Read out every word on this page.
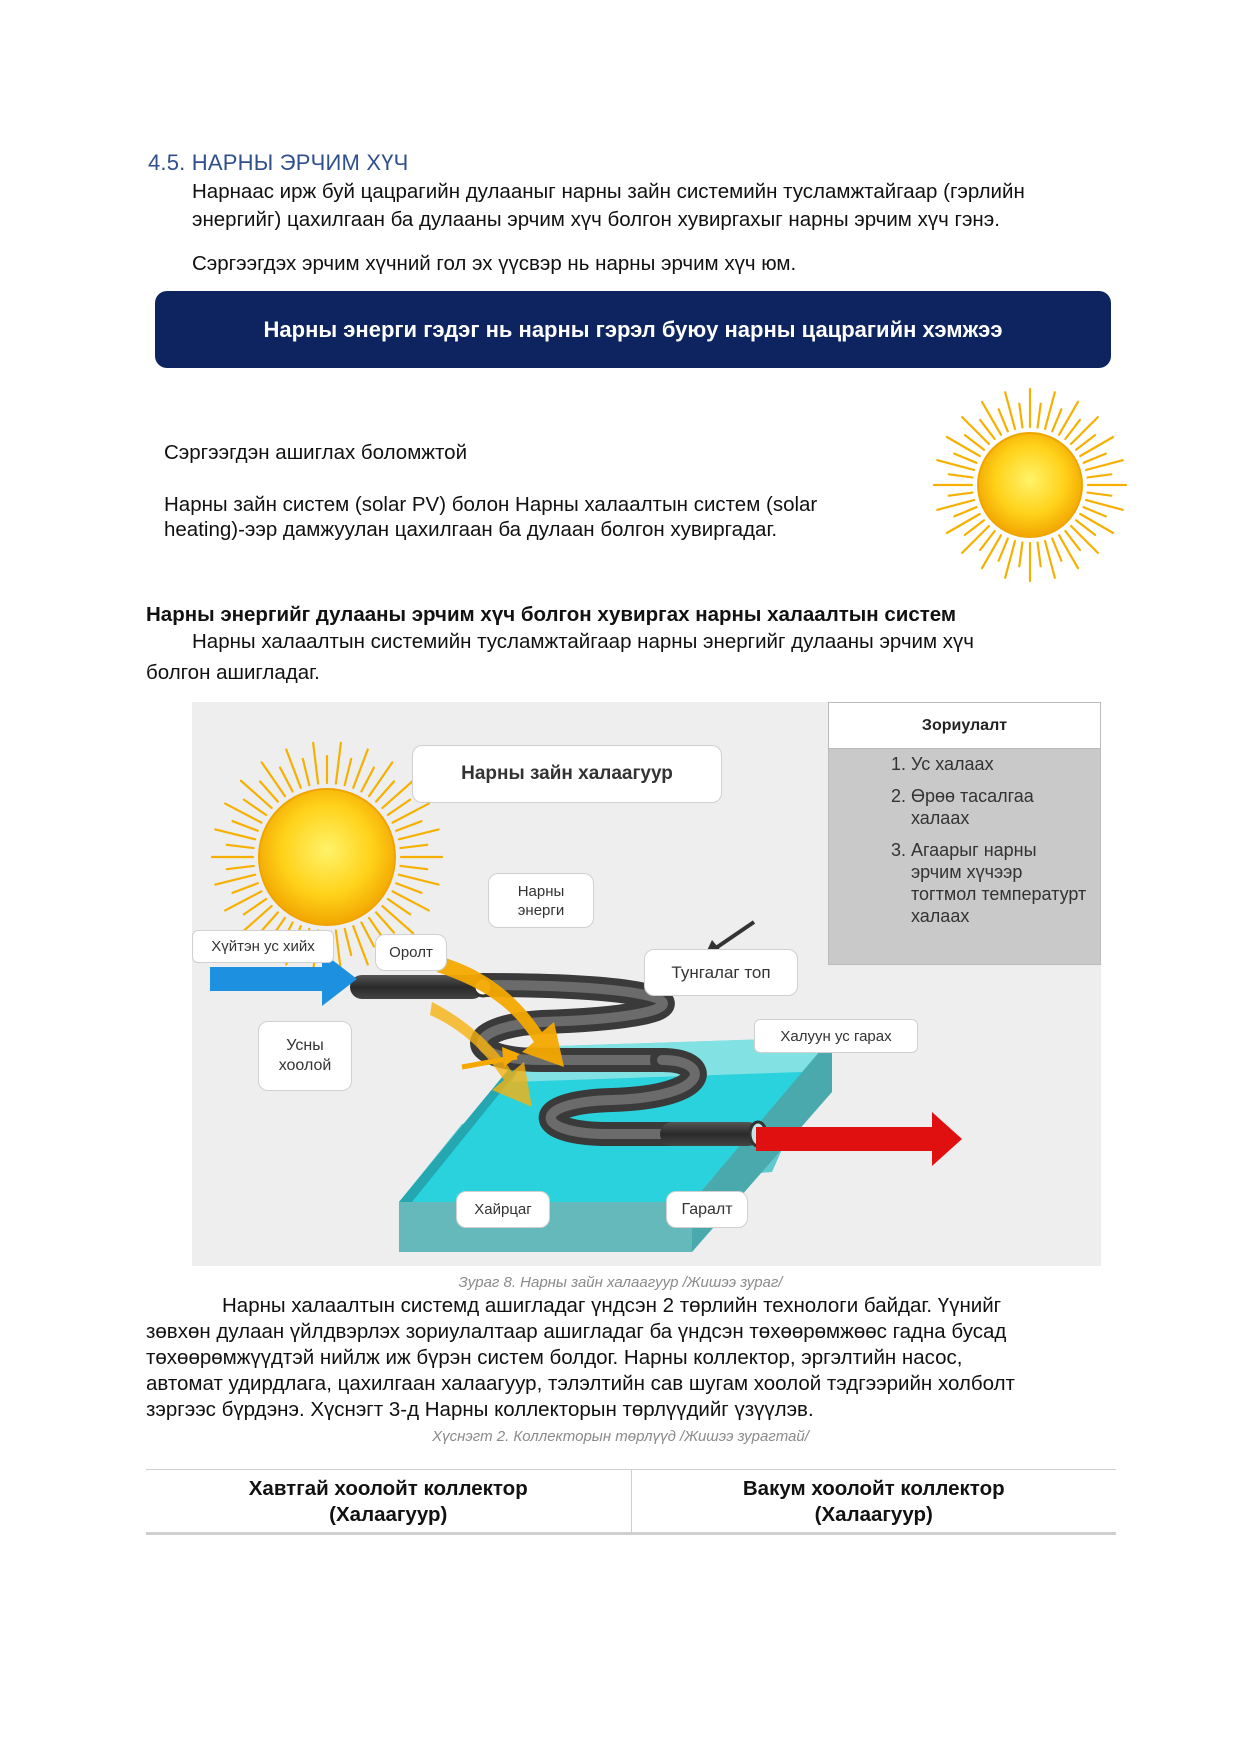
4.5. НАРНЫ ЭРЧИМ ХҮЧ
Нарнаас ирж буй цацрагийн дулааныг нарны зайн системийн тусламжтайгаар (гэрлийн
энергийг) цахилгаан ба дулааны эрчим хүч болгон хувиргахыг нарны эрчим хүч гэнэ.
Сэргээгдэх эрчим хүчний гол эх үүсвэр нь нарны эрчим хүч юм.
Нарны энерги гэдэг нь нарны гэрэл буюу нарны цацрагийн хэмжээ
Сэргээгдэн ашиглах боломжтой
Нарны зайн систем (solar PV) болон Нарны халаалтын систем (solar
heating)-ээр дамжуулан цахилгаан ба дулаан болгон хувиргадаг.
Нарны энергийг дулааны эрчим хүч болгон хувиргах нарны халаалтын систем
Нарны халаалтын системийн тусламжтайгаар нарны энергийг дулааны эрчим хүч
болгон ашигладаг.
Нарны зайн халаагуур
Нарны
энерги
Тунгалаг топ
Хүйтэн ус хийх	Оролт
Усны
хоолой
Халуун ус гарах
Хайрцаг	Гаралт
Зориулалт
1. Ус халаах
2. Өрөө тасалгаа халаах
3. Агаарыг нарны эрчим хүчээр тогтмол температурт халаах
Зураг 8. Нарны зайн халаагуур /Жишээ зураг/
Нарны халаалтын системд ашигладаг үндсэн 2 төрлийн технологи байдаг. Үүнийг
зөвхөн дулаан үйлдвэрлэх зориулалтаар ашигладаг ба үндсэн төхөөрөмжөөс гадна бусад
төхөөрөмжүүдтэй нийлж иж бүрэн систем болдог. Нарны коллектор, эргэлтийн насос,
автомат удирдлага, цахилгаан халаагуур, тэлэлтийн сав шугам хоолой тэдгээрийн холболт
зэргээс бүрдэнэ. Хүснэгт 3-д Нарны коллекторын төрлүүдийг үзүүлэв.
Хүснэгт 2. Коллекторын төрлүүд /Жишээ зурагтай/
Хавтгай хоолойт коллектор
(Халаагуур)

Вакум хоолойт коллектор
(Халаагуур)
